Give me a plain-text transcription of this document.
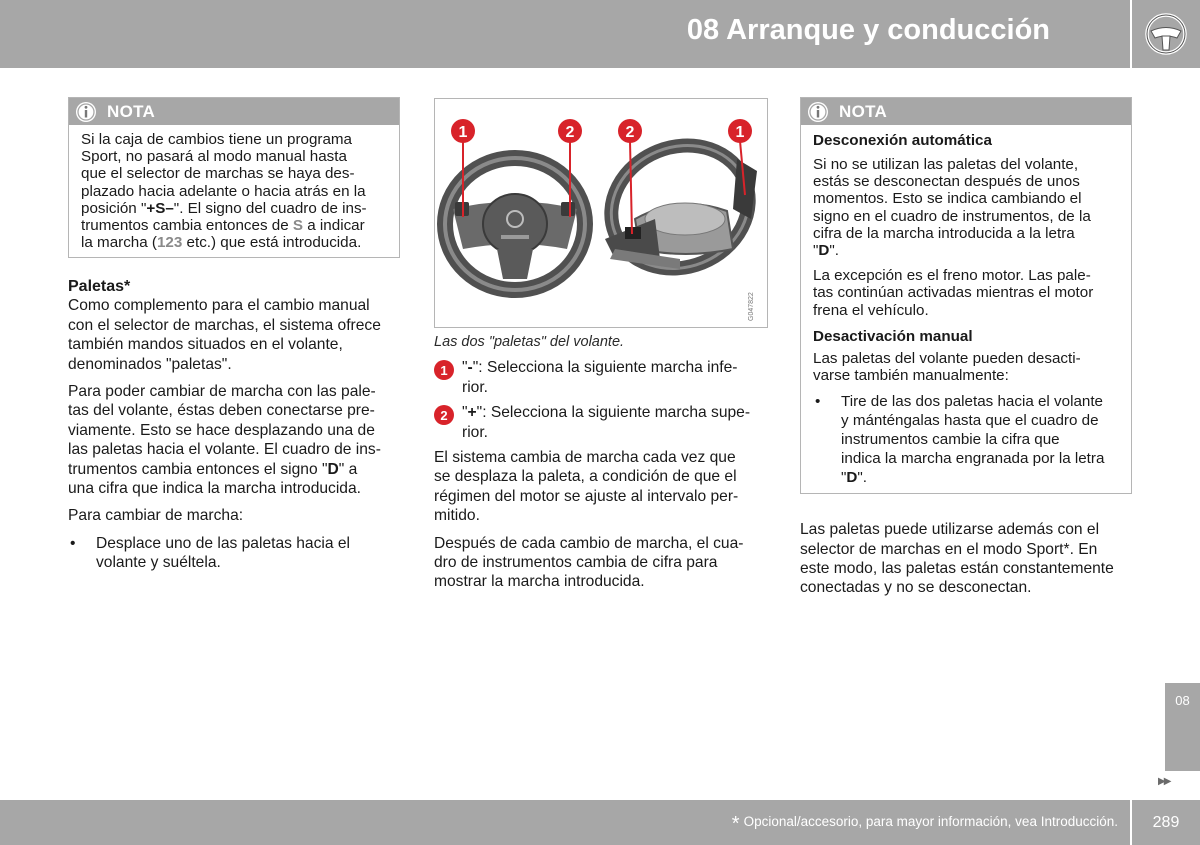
08 Arranque y conducción
NOTA
Si la caja de cambios tiene un programa
Sport, no pasará al modo manual hasta
que el selector de marchas se haya des-
plazado hacia adelante o hacia atrás en la
posición "+S–". El signo del cuadro de ins-
trumentos cambia entonces de S a indicar
la marcha (123 etc.) que está introducida.
Paletas*

Como complemento para el cambio manual
con el selector de marchas, el sistema ofrece
también mandos situados en el volante,
denominados "paletas".

Para poder cambiar de marcha con las pale-
tas del volante, éstas deben conectarse pre-
viamente. Esto se hace desplazando una de
las paletas hacia el volante. El cuadro de ins-
trumentos cambia entonces el signo "D" a
una cifra que indica la marcha introducida.

Para cambiar de marcha:

•	Desplace uno de las paletas hacia el
volante y suéltela.
1	2	2	1
G047822
Las dos "paletas" del volante.
1 "-": Selecciona la siguiente marcha infe-
rior.
2 "+": Selecciona la siguiente marcha supe-
rior.

El sistema cambia de marcha cada vez que
se desplaza la paleta, a condición de que el
régimen del motor se ajuste al intervalo per-
mitido.

Después de cada cambio de marcha, el cua-
dro de instrumentos cambia de cifra para
mostrar la marcha introducida.

NOTA
Desconexión automática

Si no se utilizan las paletas del volante,
estás se desconectan después de unos
momentos. Esto se indica cambiando el
signo en el cuadro de instrumentos, de la
cifra de la marcha introducida a la letra
"D".

La excepción es el freno motor. Las pale-
tas continúan activadas mientras el motor
frena el vehículo.

Desactivación manual

Las paletas del volante pueden desacti-
varse también manualmente:

•	Tire de las dos paletas hacia el volante
y mánténgalas hasta que el cuadro de
instrumentos cambie la cifra que
indica la marcha engranada por la letra
"D".

Las paletas puede utilizarse además con el
selector de marchas en el modo Sport*. En
este modo, las paletas están constantemente
conectadas y no se desconectan.

08
▶▶
* Opcional/accesorio, para mayor información, vea Introducción.	289
